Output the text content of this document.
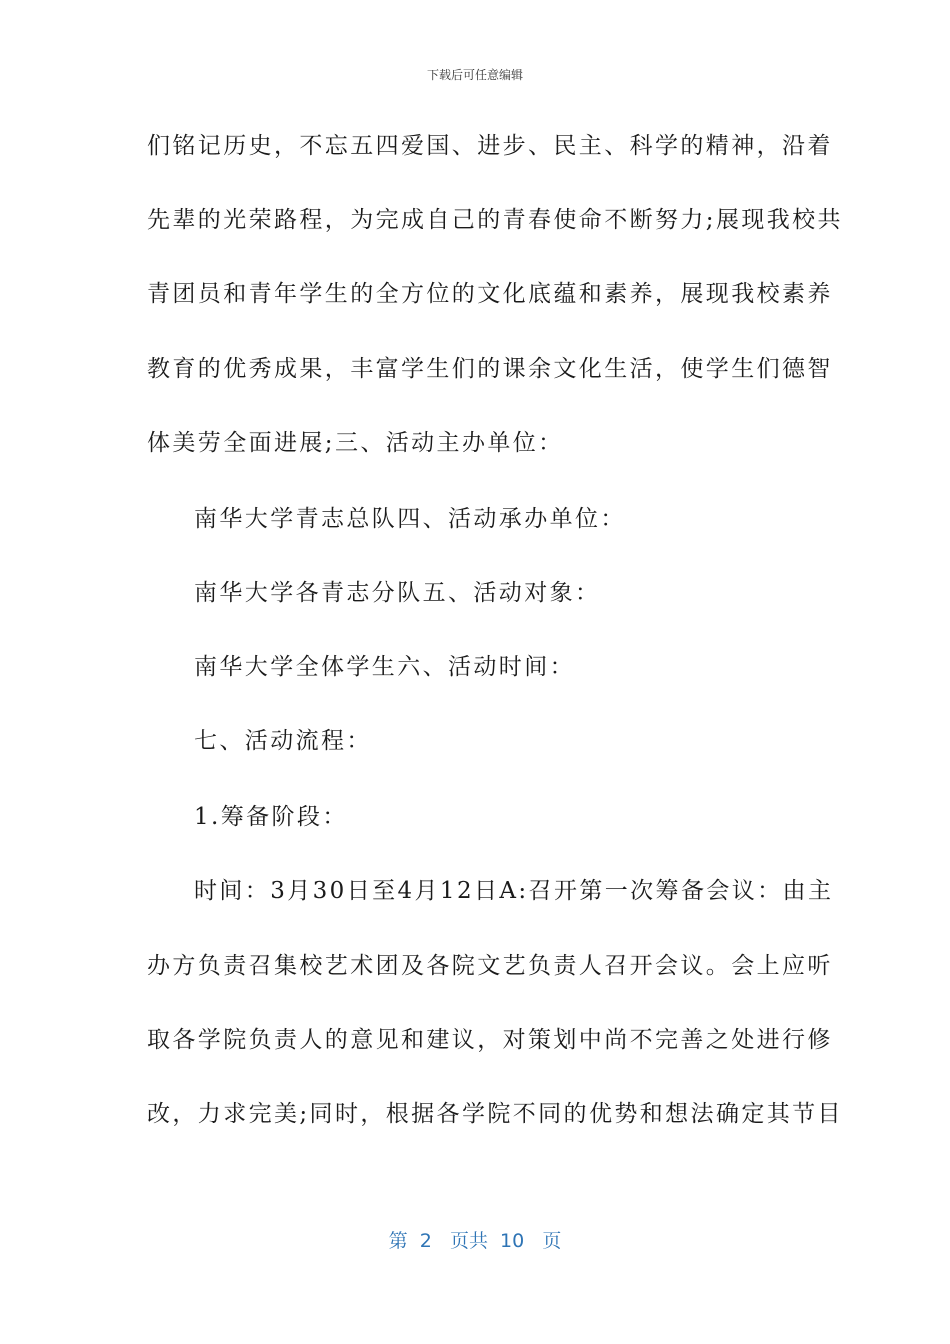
下载后可任意编辑
们铭记历史，不忘五四爱国、进步、民主、科学的精神，沿着
先辈的光荣路程，为完成自己的青春使命不断努力;展现我校共
青团员和青年学生的全方位的文化底蕴和素养，展现我校素养
教育的优秀成果，丰富学生们的课余文化生活，使学生们德智
体美劳全面进展;三、活动主办单位：
南华大学青志总队四、活动承办单位：
南华大学各青志分队五、活动对象：
南华大学全体学生六、活动时间：
七、活动流程：
1.筹备阶段：
时间：3月30日至4月12日A:召开第一次筹备会议：由主
办方负责召集校艺术团及各院文艺负责人召开会议。会上应听
取各学院负责人的意见和建议，对策划中尚不完善之处进行修
改，力求完美;同时，根据各学院不同的优势和想法确定其节目
第  2   页共  10   页
